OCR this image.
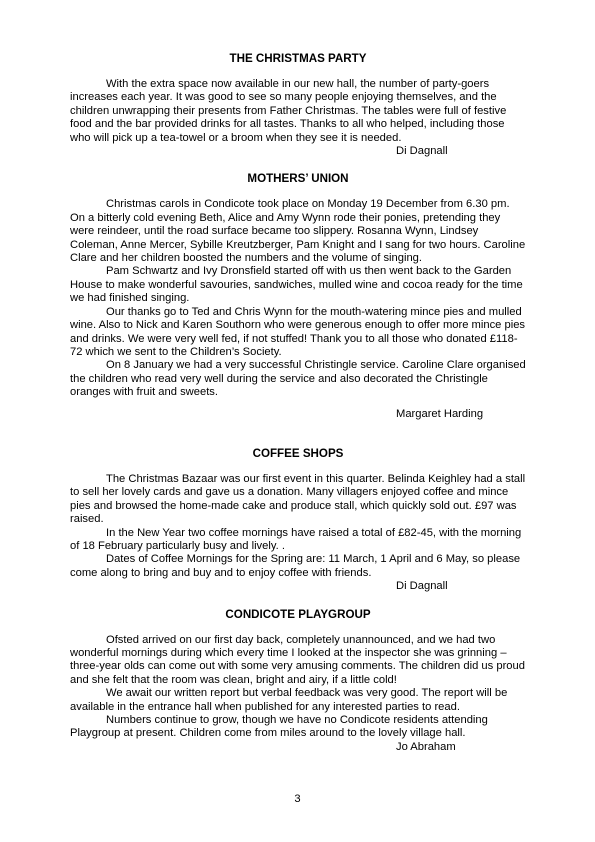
THE CHRISTMAS PARTY

With the extra space now available in our new hall, the number of party-goers increases each year. It was good to see so many people enjoying themselves, and the children unwrapping their presents from Father Christmas. The tables were full of festive food and the bar provided drinks for all tastes. Thanks to all who helped, including those who will pick up a tea-towel or a broom when they see it is needed.

Di Dagnall
MOTHERS’ UNION

Christmas carols in Condicote took place on Monday 19 December from 6.30 pm. On a bitterly cold evening Beth, Alice and Amy Wynn rode their ponies, pretending they were reindeer, until the road surface became too slippery. Rosanna Wynn, Lindsey Coleman, Anne Mercer, Sybille Kreutzberger, Pam Knight and I sang for two hours. Caroline Clare and her children boosted the numbers and the volume of singing.

Pam Schwartz and Ivy Dronsfield started off with us then went back to the Garden House to make wonderful savouries, sandwiches, mulled wine and cocoa ready for the time we had finished singing.

Our thanks go to Ted and Chris Wynn for the mouth-watering mince pies and mulled wine. Also to Nick and Karen Southorn who were generous enough to offer more mince pies and drinks. We were very well fed, if not stuffed! Thank you to all those who donated £118-72 which we sent to the Children’s Society.

On 8 January we had a very successful Christingle service. Caroline Clare organised the children who read very well during the service and also decorated the Christingle oranges with fruit and sweets.

Margaret Harding
COFFEE SHOPS

The Christmas Bazaar was our first event in this quarter. Belinda Keighley had a stall to sell her lovely cards and gave us a donation. Many villagers enjoyed coffee and mince pies and browsed the home-made cake and produce stall, which quickly sold out. £97 was raised.

In the New Year two coffee mornings have raised a total of £82-45, with the morning of 18 February particularly busy and lively. .

Dates of Coffee Mornings for the Spring are: 11 March, 1 April and 6 May, so please come along to bring and buy and to enjoy coffee with friends.

Di Dagnall
CONDICOTE PLAYGROUP

Ofsted arrived on our first day back, completely unannounced, and we had two wonderful mornings during which every time I looked at the inspector she was grinning – three-year olds can come out with some very amusing comments. The children did us proud and she felt that the room was clean, bright and airy, if a little cold!

We await our written report but verbal feedback was very good. The report will be available in the entrance hall when published for any interested parties to read.

Numbers continue to grow, though we have no Condicote residents attending Playgroup at present. Children come from miles around to the lovely village hall.

Jo Abraham
3
